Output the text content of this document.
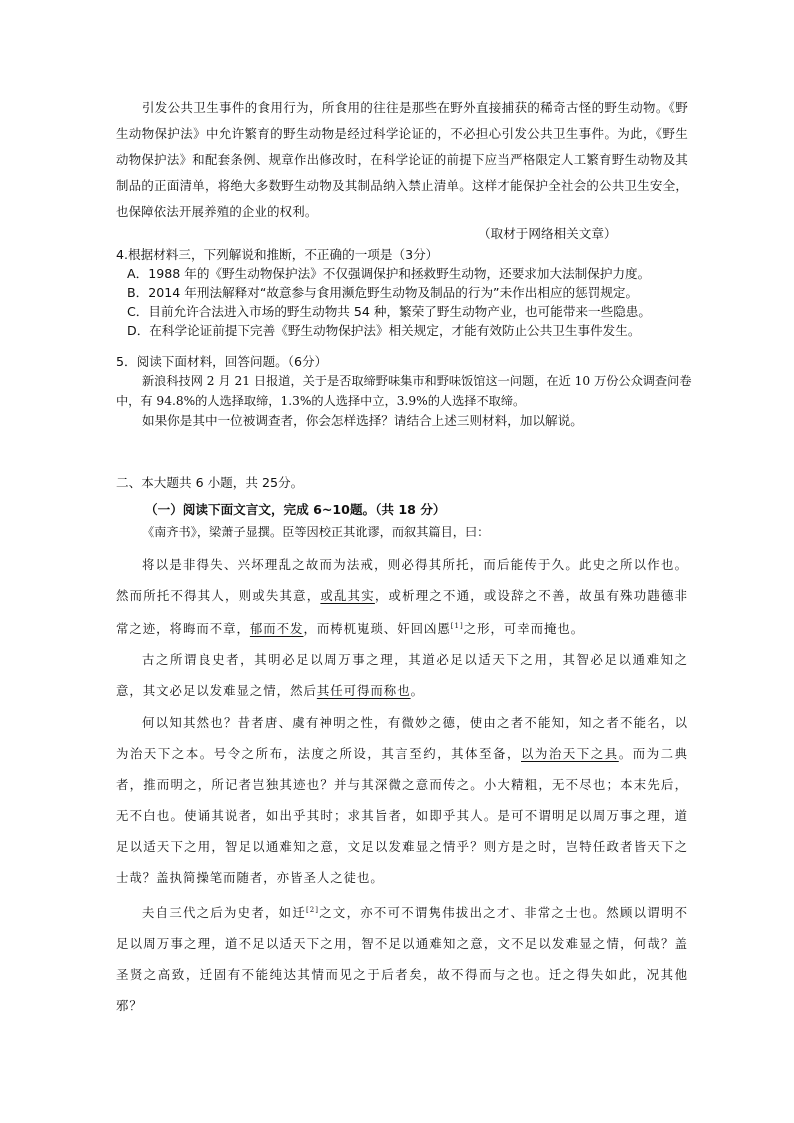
引发公共卫生事件的食用行为，所食用的往往是那些在野外直接捕获的稀奇古怪的野生动物。《野生动物保护法》中允许繁育的野生动物是经过科学论证的，不必担心引发公共卫生事件。为此，《野生动物保护法》和配套条例、规章作出修改时，在科学论证的前提下应当严格限定人工繁育野生动物及其制品的正面清单，将绝大多数野生动物及其制品纳入禁止清单。这样才能保护全社会的公共卫生安全，也保障依法开展养殖的企业的权利。

（取材于网络相关文章）

4.根据材料三，下列解说和推断，不正确的一项是（3分）

A．1988 年的《野生动物保护法》不仅强调保护和拯救野生动物，还要求加大法制保护力度。

B．2014 年刑法解释对“故意参与食用濒危野生动物及制品的行为”未作出相应的惩罚规定。

C．目前允许合法进入市场的野生动物共 54 种，繁荣了野生动物产业，也可能带来一些隐患。

D．在科学论证前提下完善《野生动物保护法》相关规定，才能有效防止公共卫生事件发生。

5．阅读下面材料，回答问题。（6分）

新浪科技网 2 月 21 日报道，关于是否取缔野味集市和野味饭馆这一问题，在近 10 万份公众调查问卷中，有 94.8%的人选择取缔，1.3%的人选择中立，3.9%的人选择不取缔。

如果你是其中一位被调查者，你会怎样选择？请结合上述三则材料，加以解说。
二、本大题共 6 小题，共 25分。
（一）阅读下面文言文，完成 6~10题。（共 18 分）

《南齐书》，梁萧子显撰。臣等因校正其讹谬，而叙其篇目，曰：

将以是非得失、兴坏理乱之故而为法戒，则必得其所托，而后能传于久。此史之所以作也。然而所托不得其人，则或失其意，或乱其实，或析理之不通，或设辞之不善，故虽有殊功韪德非常之迹，将晦而不章，郁而不发，而梼杌嵬琐、奸回凶慝[1]之形，可幸而掩也。

古之所谓良史者，其明必足以周万事之理，其道必足以适天下之用，其智必足以通难知之意，其文必足以发难显之情，然后其任可得而称也。

何以知其然也？昔者唐、虞有神明之性，有微妙之德，使由之者不能知，知之者不能名，以为治天下之本。号令之所布，法度之所设，其言至约，其体至备，以为治天下之具。而为二典者，推而明之，所记者岂独其迹也？并与其深微之意而传之。小大精粗，无不尽也；本末先后，无不白也。使诵其说者，如出乎其时；求其旨者，如即乎其人。是可不谓明足以周万事之理，道足以适天下之用，智足以通难知之意，文足以发难显之情乎？则方是之时，岂特任政者皆天下之士哉？盖执简操笔而随者，亦皆圣人之徒也。

夫自三代之后为史者，如迁[2]之文，亦不可不谓隽伟拔出之才、非常之士也。然顾以谓明不足以周万事之理，道不足以适天下之用，智不足以通难知之意，文不足以发难显之情，何哉？盖圣贤之高致，迁固有不能纯达其情而见之于后者矣，故不得而与之也。迁之得失如此，况其他邪？
